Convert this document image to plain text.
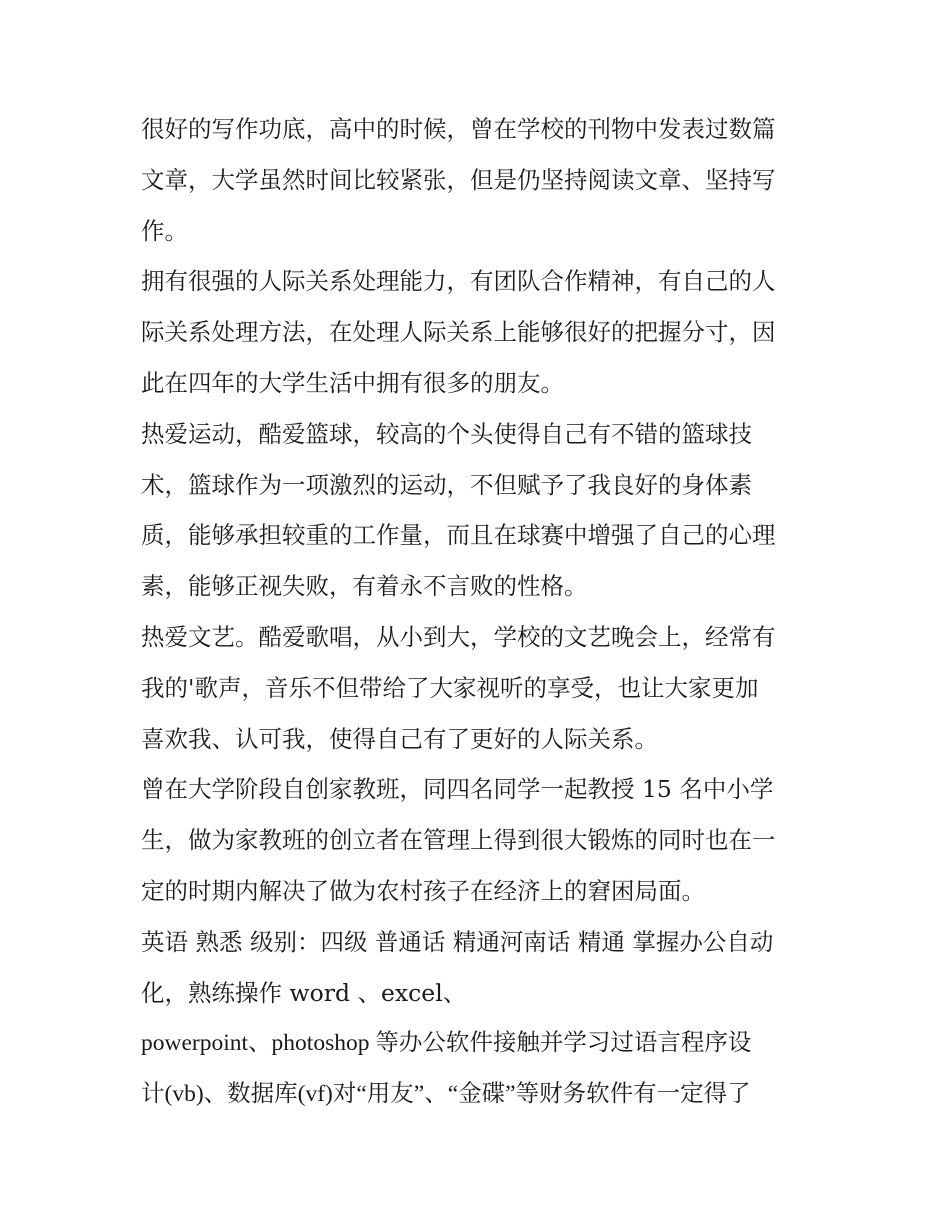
很好的写作功底，高中的时候，曾在学校的刊物中发表过数篇
文章，大学虽然时间比较紧张，但是仍坚持阅读文章、坚持写
作。
拥有很强的人际关系处理能力，有团队合作精神，有自己的人
际关系处理方法，在处理人际关系上能够很好的把握分寸，因
此在四年的大学生活中拥有很多的朋友。
热爱运动，酷爱篮球，较高的个头使得自己有不错的篮球技
术，篮球作为一项激烈的运动，不但赋予了我良好的身体素
质，能够承担较重的工作量，而且在球赛中增强了自己的心理
素，能够正视失败，有着永不言败的性格。
热爱文艺。酷爱歌唱，从小到大，学校的文艺晚会上，经常有
我的'歌声，音乐不但带给了大家视听的享受，也让大家更加
喜欢我、认可我，使得自己有了更好的人际关系。
曾在大学阶段自创家教班，同四名同学一起教授 15 名中小学
生，做为家教班的创立者在管理上得到很大锻炼的同时也在一
定的时期内解决了做为农村孩子在经济上的窘困局面。
英语 熟悉 级别：四级 普通话 精通河南话 精通 掌握办公自动
化，熟练操作 word 、excel、
powerpoint、photoshop 等办公软件接触并学习过语言程序设
计(vb)、数据库(vf)对“用友”、“金碟”等财务软件有一定得了
